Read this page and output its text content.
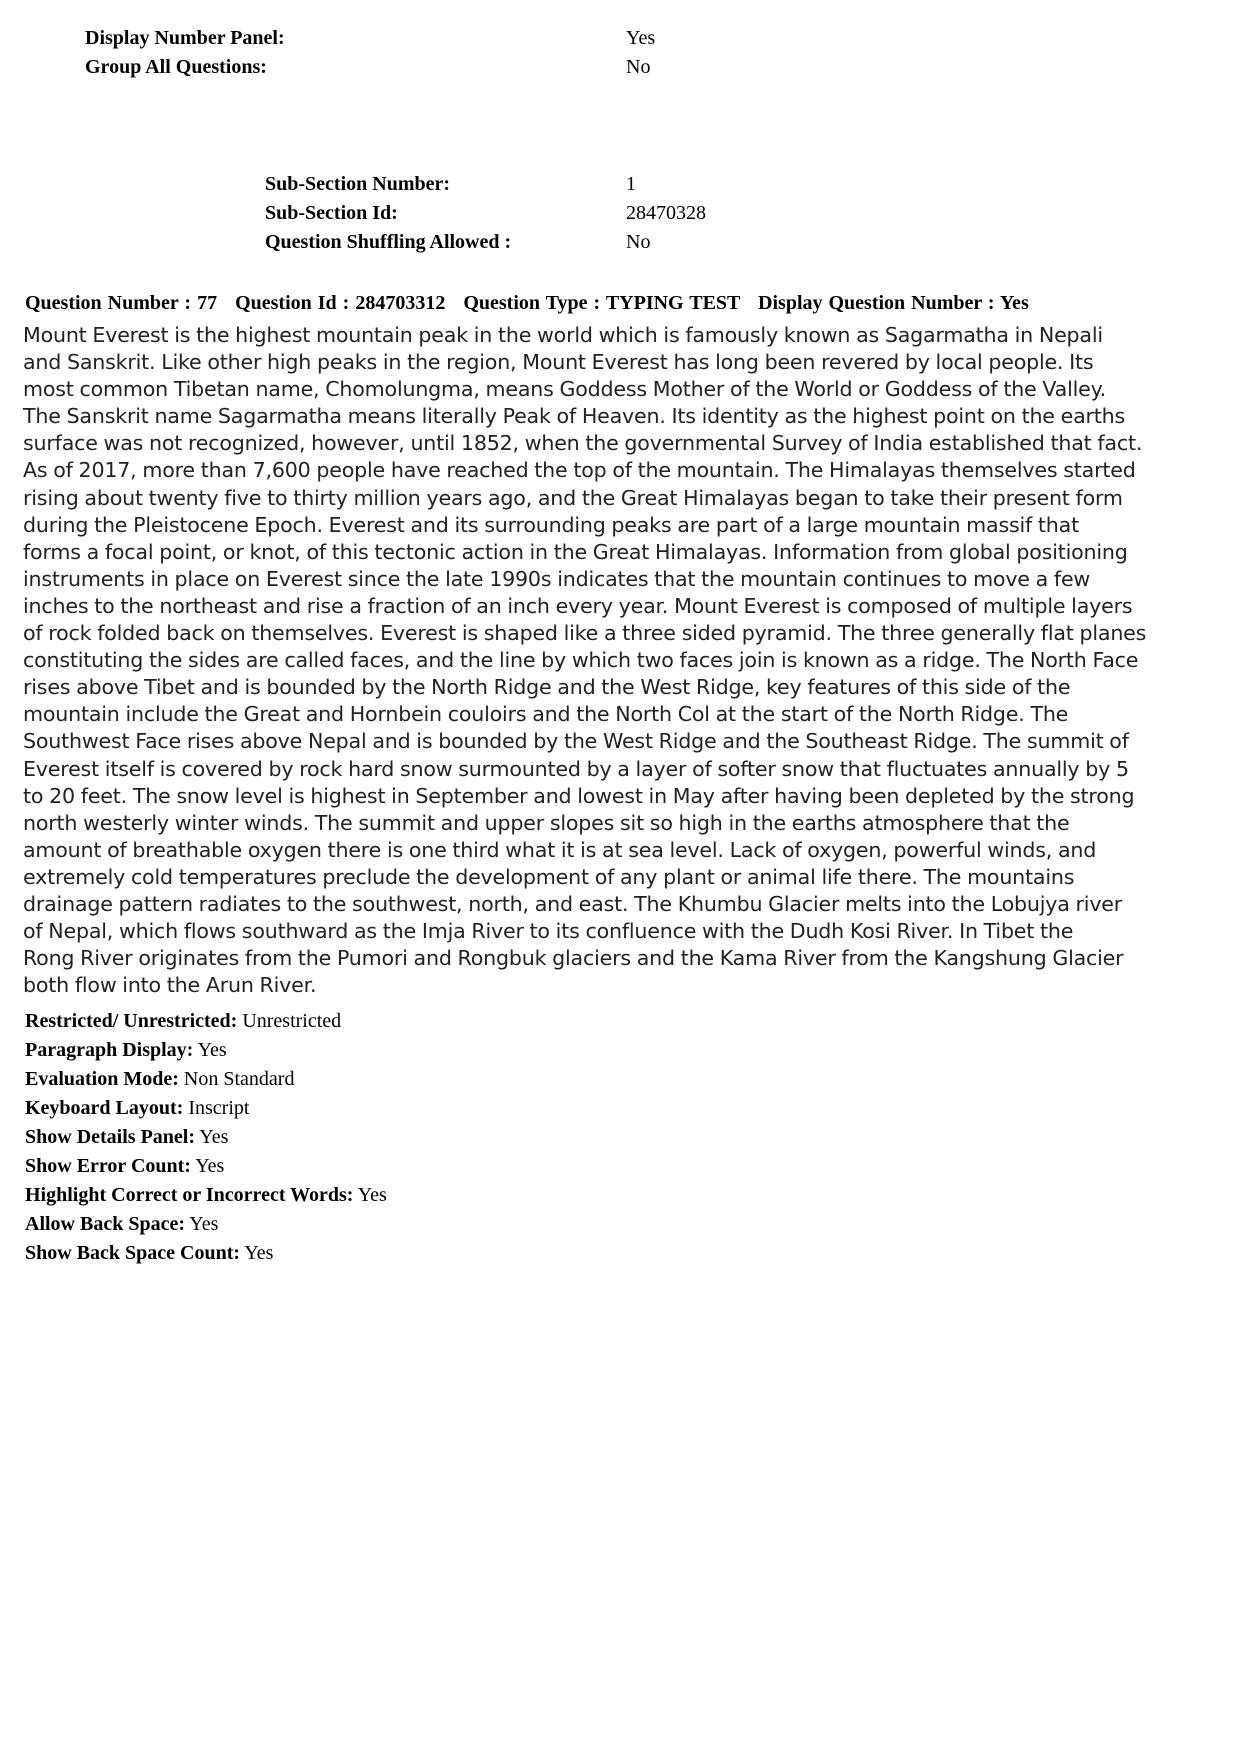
Display Number Panel:	Yes
Group All Questions:	No
Sub-Section Number:	1
Sub-Section Id:	28470328
Question Shuffling Allowed :	No
Question Number : 77 Question Id : 284703312 Question Type : TYPING TEST Display Question Number : Yes
Mount Everest is the highest mountain peak in the world which is famously known as Sagarmatha in Nepali
and Sanskrit. Like other high peaks in the region, Mount Everest has long been revered by local people. Its
most common Tibetan name, Chomolungma, means Goddess Mother of the World or Goddess of the Valley.
The Sanskrit name Sagarmatha means literally Peak of Heaven. Its identity as the highest point on the earths
surface was not recognized, however, until 1852, when the governmental Survey of India established that fact.
As of 2017, more than 7,600 people have reached the top of the mountain. The Himalayas themselves started
rising about twenty five to thirty million years ago, and the Great Himalayas began to take their present form
during the Pleistocene Epoch. Everest and its surrounding peaks are part of a large mountain massif that
forms a focal point, or knot, of this tectonic action in the Great Himalayas. Information from global positioning
instruments in place on Everest since the late 1990s indicates that the mountain continues to move a few
inches to the northeast and rise a fraction of an inch every year. Mount Everest is composed of multiple layers
of rock folded back on themselves. Everest is shaped like a three sided pyramid. The three generally flat planes
constituting the sides are called faces, and the line by which two faces join is known as a ridge. The North Face
rises above Tibet and is bounded by the North Ridge and the West Ridge, key features of this side of the
mountain include the Great and Hornbein couloirs and the North Col at the start of the North Ridge. The
Southwest Face rises above Nepal and is bounded by the West Ridge and the Southeast Ridge. The summit of
Everest itself is covered by rock hard snow surmounted by a layer of softer snow that fluctuates annually by 5
to 20 feet. The snow level is highest in September and lowest in May after having been depleted by the strong
north westerly winter winds. The summit and upper slopes sit so high in the earths atmosphere that the
amount of breathable oxygen there is one third what it is at sea level. Lack of oxygen, powerful winds, and
extremely cold temperatures preclude the development of any plant or animal life there. The mountains
drainage pattern radiates to the southwest, north, and east. The Khumbu Glacier melts into the Lobujya river
of Nepal, which flows southward as the Imja River to its confluence with the Dudh Kosi River. In Tibet the
Rong River originates from the Pumori and Rongbuk glaciers and the Kama River from the Kangshung Glacier
both flow into the Arun River.
Restricted/ Unrestricted: Unrestricted
Paragraph Display: Yes
Evaluation Mode: Non Standard
Keyboard Layout: Inscript
Show Details Panel: Yes
Show Error Count: Yes
Highlight Correct or Incorrect Words: Yes
Allow Back Space: Yes
Show Back Space Count: Yes
